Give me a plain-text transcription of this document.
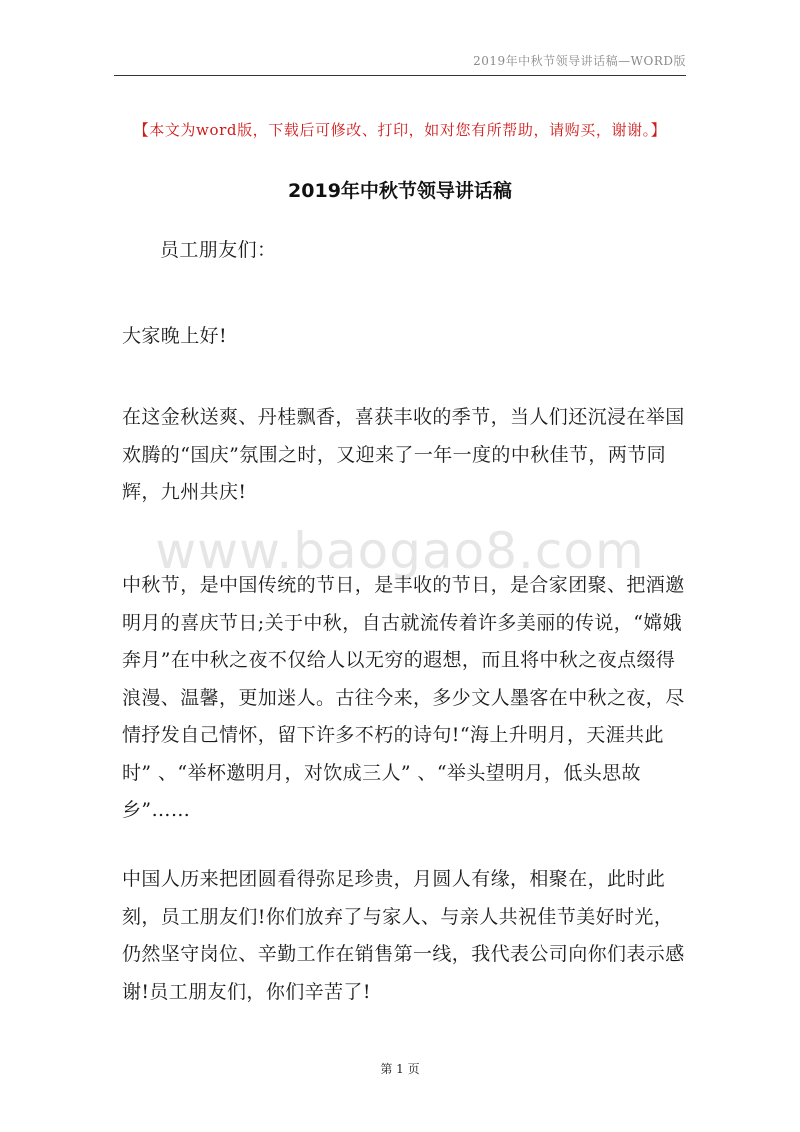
2019年中秋节领导讲话稿—WORD版
www.baogao8.com
【本文为word版，下载后可修改、打印，如对您有所帮助，请购买，谢谢。】
2019年中秋节领导讲话稿
员工朋友们：
大家晚上好!
在这金秋送爽、丹桂飘香，喜获丰收的季节，当人们还沉浸在举国欢腾的“国庆”氛围之时，又迎来了一年一度的中秋佳节，两节同辉，九州共庆!
中秋节，是中国传统的节日，是丰收的节日，是合家团聚、把酒邀明月的喜庆节日;关于中秋，自古就流传着许多美丽的传说，“嫦娥奔月”在中秋之夜不仅给人以无穷的遐想，而且将中秋之夜点缀得浪漫、温馨，更加迷人。古往今来，多少文人墨客在中秋之夜，尽情抒发自己情怀，留下许多不朽的诗句!“海上升明月，天涯共此时” 、“举杯邀明月，对饮成三人” 、“举头望明月，低头思故乡”……
中国人历来把团圆看得弥足珍贵，月圆人有缘，相聚在，此时此刻，员工朋友们!你们放弃了与家人、与亲人共祝佳节美好时光，仍然坚守岗位、辛勤工作在销售第一线，我代表公司向你们表示感谢!员工朋友们，你们辛苦了!
第 1 页
